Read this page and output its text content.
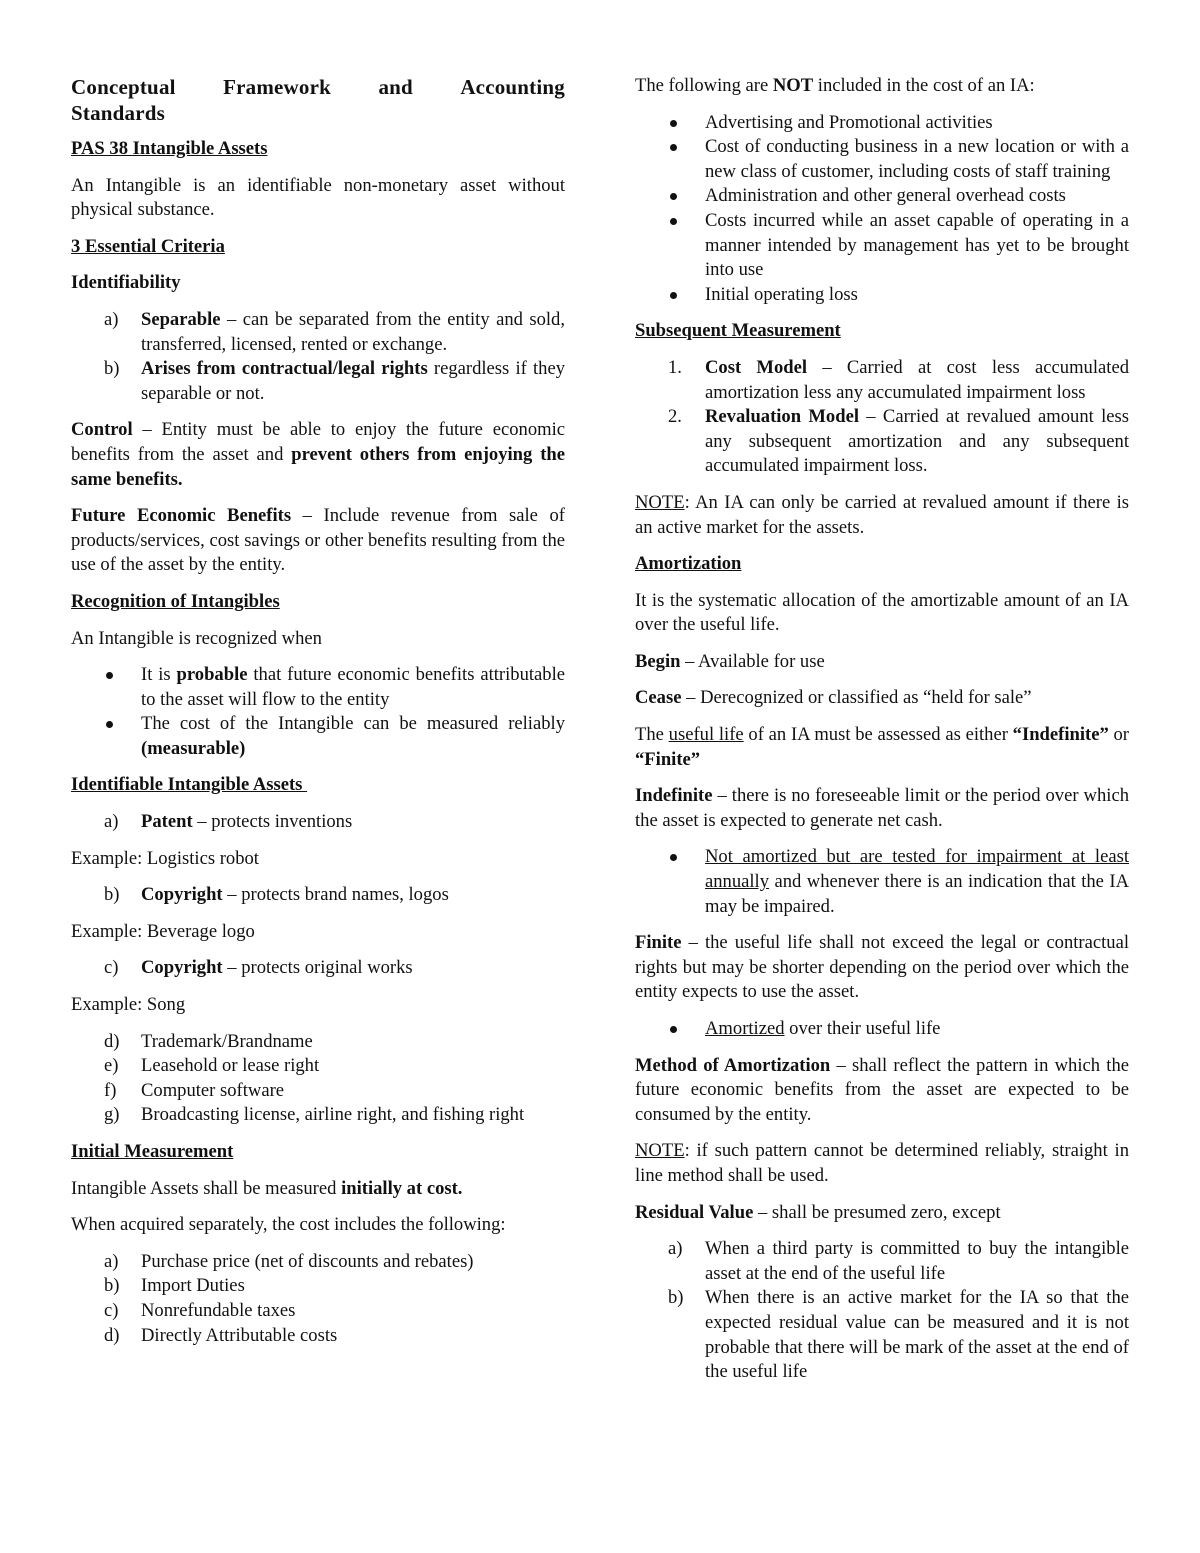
Conceptual Framework and Accounting
Standards
PAS 38 Intangible Assets

An Intangible is an identifiable non-monetary asset without physical substance.

3 Essential Criteria
Identifiability
a) Separable – can be separated from the entity and sold, transferred, licensed, rented or exchange.
b) Arises from contractual/legal rights regardless if they separable or not.

Control – Entity must be able to enjoy the future economic benefits from the asset and prevent others from enjoying the same benefits.

Future Economic Benefits – Include revenue from sale of products/services, cost savings or other benefits resulting from the use of the asset by the entity.

Recognition of Intangibles

An Intangible is recognized when

It is probable that future economic benefits attributable to the asset will flow to the entity
The cost of the Intangible can be measured reliably (measurable)
Identifiable Intangible Assets
a) Patent – protects inventions

Example: Logistics robot

b) Copyright – protects brand names, logos

Example: Beverage logo

c) Copyright – protects original works

Example: Song

d) Trademark/Brandname
e) Leasehold or lease right
f) Computer software
g) Broadcasting license, airline right, and fishing right
Initial Measurement

Intangible Assets shall be measured initially at cost.

When acquired separately, the cost includes the following:

a) Purchase price (net of discounts and rebates)
b) Import Duties
c) Nonrefundable taxes
d) Directly Attributable costs

The following are NOT included in the cost of an IA:

Advertising and Promotional activities
Cost of conducting business in a new location or with a new class of customer, including costs of staff training
Administration and other general overhead costs
Costs incurred while an asset capable of operating in a manner intended by management has yet to be brought into use
Initial operating loss
Subsequent Measurement
1. Cost Model – Carried at cost less accumulated amortization less any accumulated impairment loss
2. Revaluation Model – Carried at revalued amount less any subsequent amortization and any subsequent accumulated impairment loss.

NOTE: An IA can only be carried at revalued amount if there is an active market for the assets.

Amortization

It is the systematic allocation of the amortizable amount of an IA over the useful life.

Begin – Available for use

Cease – Derecognized or classified as “held for sale”

The useful life of an IA must be assessed as either “Indefinite” or “Finite”

Indefinite – there is no foreseeable limit or the period over which the asset is expected to generate net cash.

Not amortized but are tested for impairment at least annually and whenever there is an indication that the IA may be impaired.

Finite – the useful life shall not exceed the legal or contractual rights but may be shorter depending on the period over which the entity expects to use the asset.

Amortized over their useful life

Method of Amortization – shall reflect the pattern in which the future economic benefits from the asset are expected to be consumed by the entity.

NOTE: if such pattern cannot be determined reliably, straight in line method shall be used.

Residual Value – shall be presumed zero, except

a) When a third party is committed to buy the intangible asset at the end of the useful life
b) When there is an active market for the IA so that the expected residual value can be measured and it is not probable that there will be mark of the asset at the end of the useful life
